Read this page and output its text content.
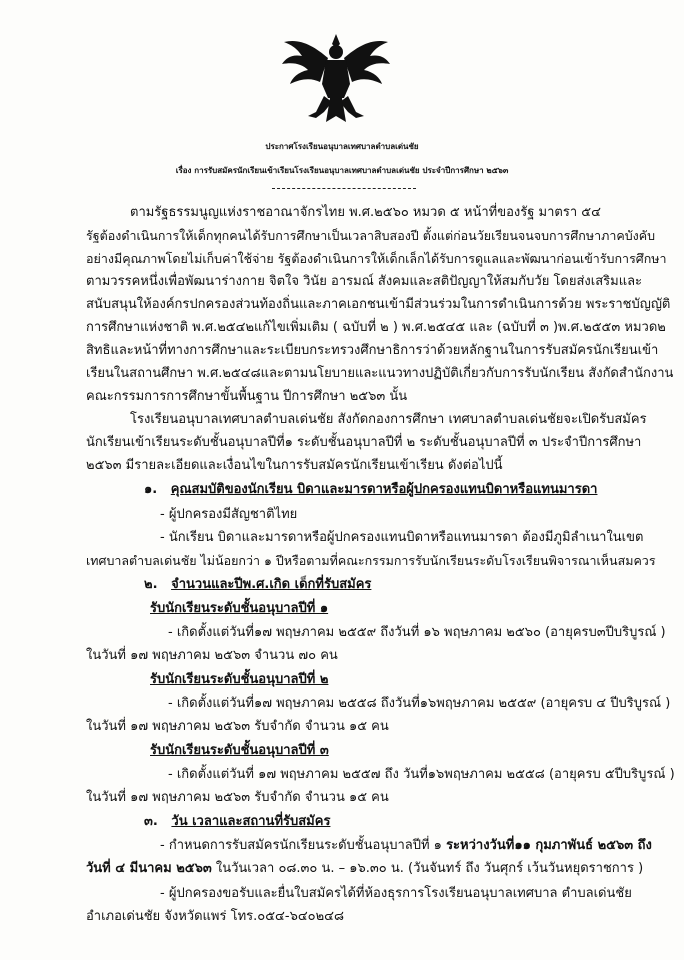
ประกาศโรงเรียนอนุบาลเทศบาลตำบลเด่นชัย
เรื่อง การรับสมัครนักเรียนเข้าเรียนโรงเรียนอนุบาลเทศบาลตำบลเด่นชัย ประจำปีการศึกษา ๒๕๖๓
ตามรัฐธรรมนูญแห่งราชอาณาจักรไทย พ.ศ.๒๕๖๐ หมวด ๕ หน้าที่ของรัฐ มาตรา ๕๔
รัฐต้องดำเนินการให้เด็กทุกคนได้รับการศึกษาเป็นเวลาสิบสองปี ตั้งแต่ก่อนวัยเรียนจนจบการศึกษาภาคบังคับ
อย่างมีคุณภาพโดยไม่เก็บค่าใช้จ่าย รัฐต้องดำเนินการให้เด็กเล็กได้รับการดูแลและพัฒนาก่อนเข้ารับการศึกษา
ตามวรรคหนึ่งเพื่อพัฒนาร่างกาย จิตใจ วินัย อารมณ์ สังคมและสติปัญญาให้สมกับวัย โดยส่งเสริมและ
สนับสนุนให้องค์กรปกครองส่วนท้องถิ่นและภาคเอกชนเข้ามีส่วนร่วมในการดำเนินการด้วย พระราชบัญญัติ
การศึกษาแห่งชาติ พ.ศ.๒๕๔๒แก้ไขเพิ่มเติม ( ฉบับที่ ๒ ) พ.ศ.๒๕๔๕ และ (ฉบับที่ ๓ )พ.ศ.๒๕๕๓ หมวด๒
สิทธิและหน้าที่ทางการศึกษาและระเบียบกระทรวงศึกษาธิการว่าด้วยหลักฐานในการรับสมัครนักเรียนเข้า
เรียนในสถานศึกษา พ.ศ.๒๕๔๘และตามนโยบายและแนวทางปฏิบัติเกี่ยวกับการรับนักเรียน สังกัดสำนักงาน
คณะกรรมการการศึกษาขั้นพื้นฐาน ปีการศึกษา ๒๕๖๓ นั้น
โรงเรียนอนุบาลเทศบาลตำบลเด่นชัย สังกัดกองการศึกษา เทศบาลตำบลเด่นชัยจะเปิดรับสมัคร
นักเรียนเข้าเรียนระดับชั้นอนุบาลปีที่๑ ระดับชั้นอนุบาลปีที่ ๒ ระดับชั้นอนุบาลปีที่ ๓ ประจำปีการศึกษา
๒๕๖๓ มีรายละเอียดและเงื่อนไขในการรับสมัครนักเรียนเข้าเรียน ดังต่อไปนี้
๑. คุณสมบัติของนักเรียน บิดาและมารดาหรือผู้ปกครองแทนบิดาหรือแทนมารดา
- ผู้ปกครองมีสัญชาติไทย
- นักเรียน บิดาและมารดาหรือผู้ปกครองแทนบิดาหรือแทนมารดา ต้องมีภูมิลำเนาในเขต
เทศบาลตำบลเด่นชัย ไม่น้อยกว่า ๑ ปีหรือตามที่คณะกรรมการรับนักเรียนระดับโรงเรียนพิจารณาเห็นสมควร
๒. จำนวนและปีพ.ศ.เกิด เด็กที่รับสมัคร
รับนักเรียนระดับชั้นอนุบาลปีที่ ๑
- เกิดตั้งแต่วันที่๑๗ พฤษภาคม ๒๕๕๙ ถึงวันที่ ๑๖ พฤษภาคม ๒๕๖๐ (อายุครบ๓ปีบริบูรณ์ )
ในวันที่ ๑๗ พฤษภาคม ๒๕๖๓ จำนวน ๗๐ คน
รับนักเรียนระดับชั้นอนุบาลปีที่ ๒
- เกิดตั้งแต่วันที่๑๗ พฤษภาคม ๒๕๕๘ ถึงวันที่๑๖พฤษภาคม ๒๕๕๙ (อายุครบ ๔ ปีบริบูรณ์ )
ในวันที่ ๑๗ พฤษภาคม ๒๕๖๓ รับจำกัด จำนวน ๑๕ คน
รับนักเรียนระดับชั้นอนุบาลปีที่ ๓
- เกิดตั้งแต่วันที่ ๑๗ พฤษภาคม ๒๕๕๗ ถึง วันที่๑๖พฤษภาคม ๒๕๕๘ (อายุครบ ๕ปีบริบูรณ์ )
ในวันที่ ๑๗ พฤษภาคม ๒๕๖๓ รับจำกัด จำนวน ๑๕ คน
๓. วัน เวลาและสถานที่รับสมัคร
- กำหนดการรับสมัครนักเรียนระดับชั้นอนุบาลปีที่ ๑ ระหว่างวันที่๑๑ กุมภาพันธ์ ๒๕๖๓ ถึง
วันที่ ๔ มีนาคม ๒๕๖๓ ในวันเวลา ๐๘.๓๐ น. – ๑๖.๓๐ น. (วันจันทร์ ถึง วันศุกร์ เว้นวันหยุดราชการ )
- ผู้ปกครองขอรับและยื่นใบสมัครได้ที่ห้องธุรการโรงเรียนอนุบาลเทศบาล ตำบลเด่นชัย
อำเภอเด่นชัย จังหวัดแพร่ โทร.๐๕๔-๖๔๐๒๔๘
